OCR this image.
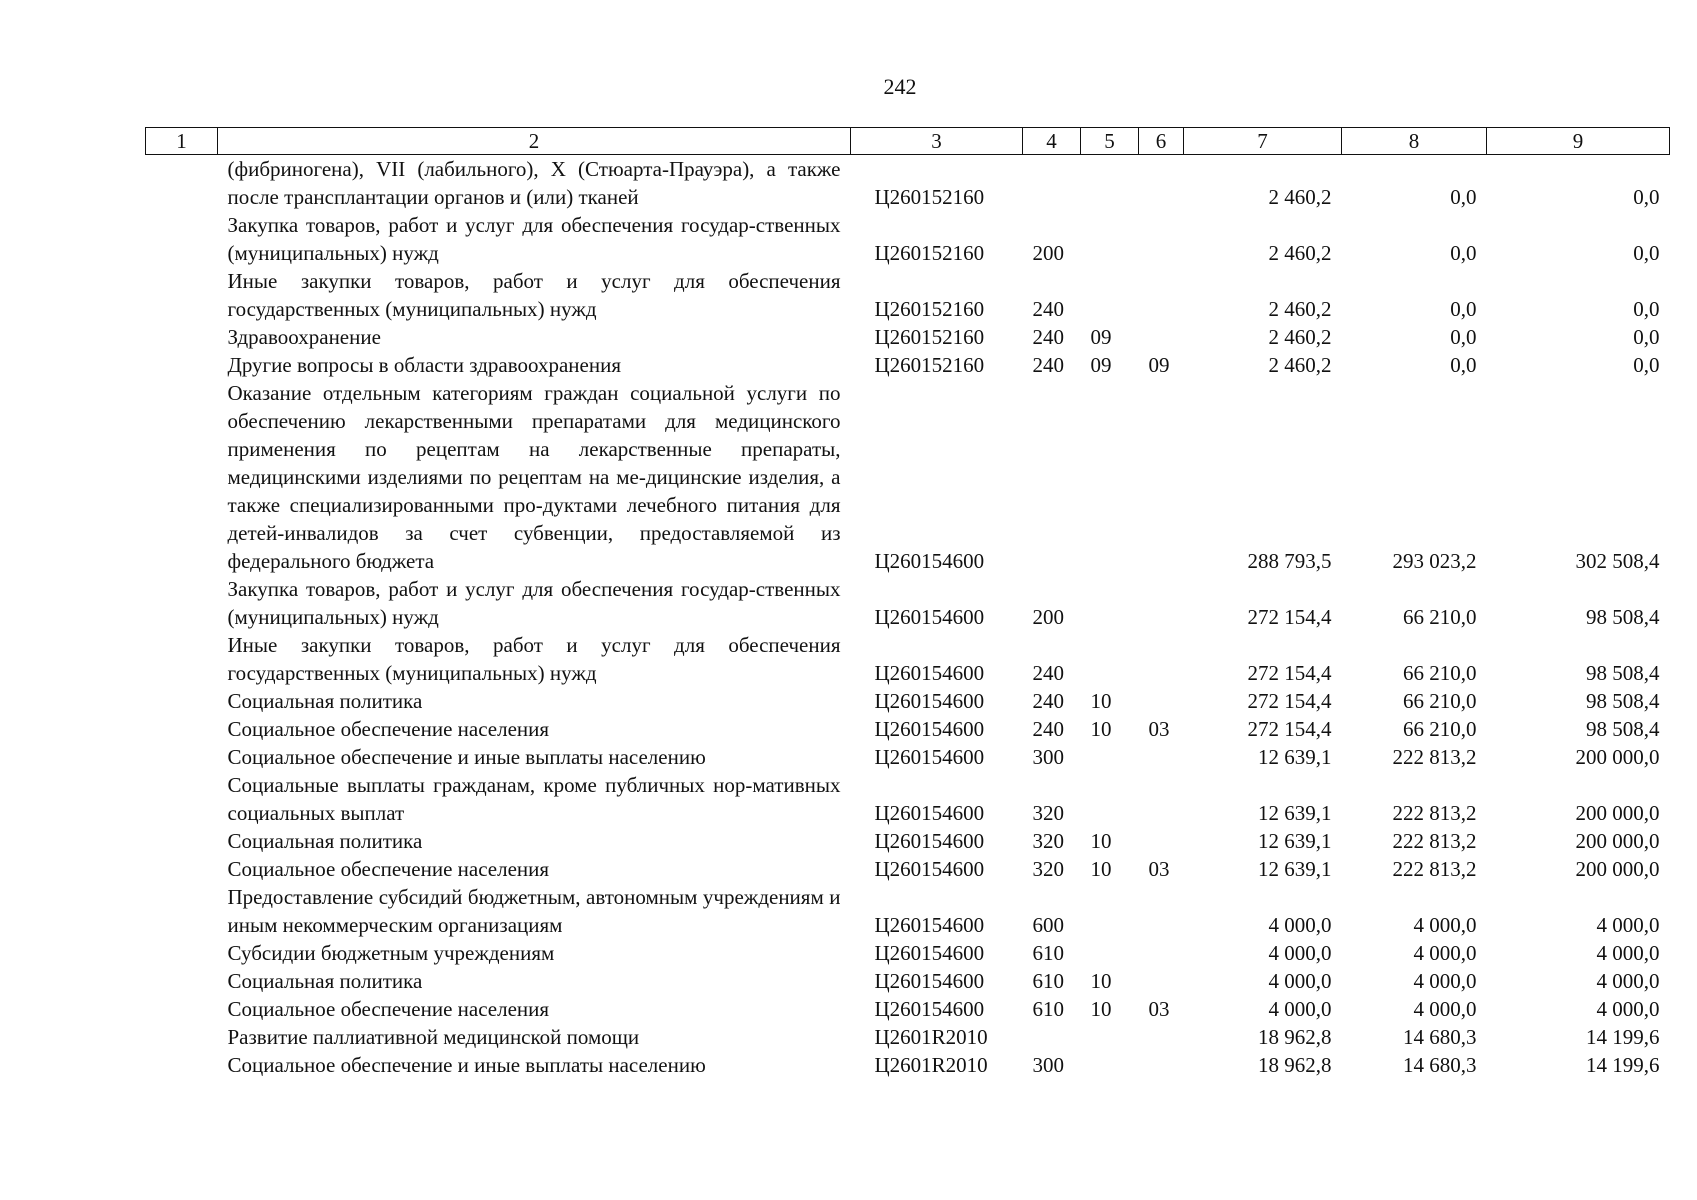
242
1	2	3	4	5	6	7	8	9
(фибриногена), VII (лабильного), X (Стюарта-Прауэра), а также после трансплантации органов и (или) тканей		Ц260152160				2 460,2	0,0	0,0
Закупка товаров, работ и услуг для обеспечения государ-ственных (муниципальных) нужд		Ц260152160	200			2 460,2	0,0	0,0
Иные закупки товаров, работ и услуг для обеспечения государственных (муниципальных) нужд		Ц260152160	240			2 460,2	0,0	0,0
Здравоохранение		Ц260152160	240	09		2 460,2	0,0	0,0
Другие вопросы в области здравоохранения		Ц260152160	240	09	09	2 460,2	0,0	0,0
Оказание отдельным категориям граждан социальной услуги по обеспечению лекарственными препаратами для медицинского применения по рецептам на лекарственные препараты, медицинскими изделиями по рецептам на ме-дицинские изделия, а также специализированными про-дуктами лечебного питания для детей-инвалидов за счет субвенции, предоставляемой из федерального бюджета		Ц260154600				288 793,5	293 023,2	302 508,4
Закупка товаров, работ и услуг для обеспечения государ-ственных (муниципальных) нужд		Ц260154600	200			272 154,4	66 210,0	98 508,4
Иные закупки товаров, работ и услуг для обеспечения государственных (муниципальных) нужд		Ц260154600	240			272 154,4	66 210,0	98 508,4
Социальная политика		Ц260154600	240	10		272 154,4	66 210,0	98 508,4
Социальное обеспечение населения		Ц260154600	240	10	03	272 154,4	66 210,0	98 508,4
Социальное обеспечение и иные выплаты населению		Ц260154600	300			12 639,1	222 813,2	200 000,0
Социальные выплаты гражданам, кроме публичных нор-мативных социальных выплат		Ц260154600	320			12 639,1	222 813,2	200 000,0
Социальная политика		Ц260154600	320	10		12 639,1	222 813,2	200 000,0
Социальное обеспечение населения		Ц260154600	320	10	03	12 639,1	222 813,2	200 000,0
Предоставление субсидий бюджетным, автономным учреждениям и иным некоммерческим организациям		Ц260154600	600			4 000,0	4 000,0	4 000,0
Субсидии бюджетным учреждениям		Ц260154600	610			4 000,0	4 000,0	4 000,0
Социальная политика		Ц260154600	610	10		4 000,0	4 000,0	4 000,0
Социальное обеспечение населения		Ц260154600	610	10	03	4 000,0	4 000,0	4 000,0
Развитие паллиативной медицинской помощи		Ц2601R2010				18 962,8	14 680,3	14 199,6
Социальное обеспечение и иные выплаты населению		Ц2601R2010	300			18 962,8	14 680,3	14 199,6
